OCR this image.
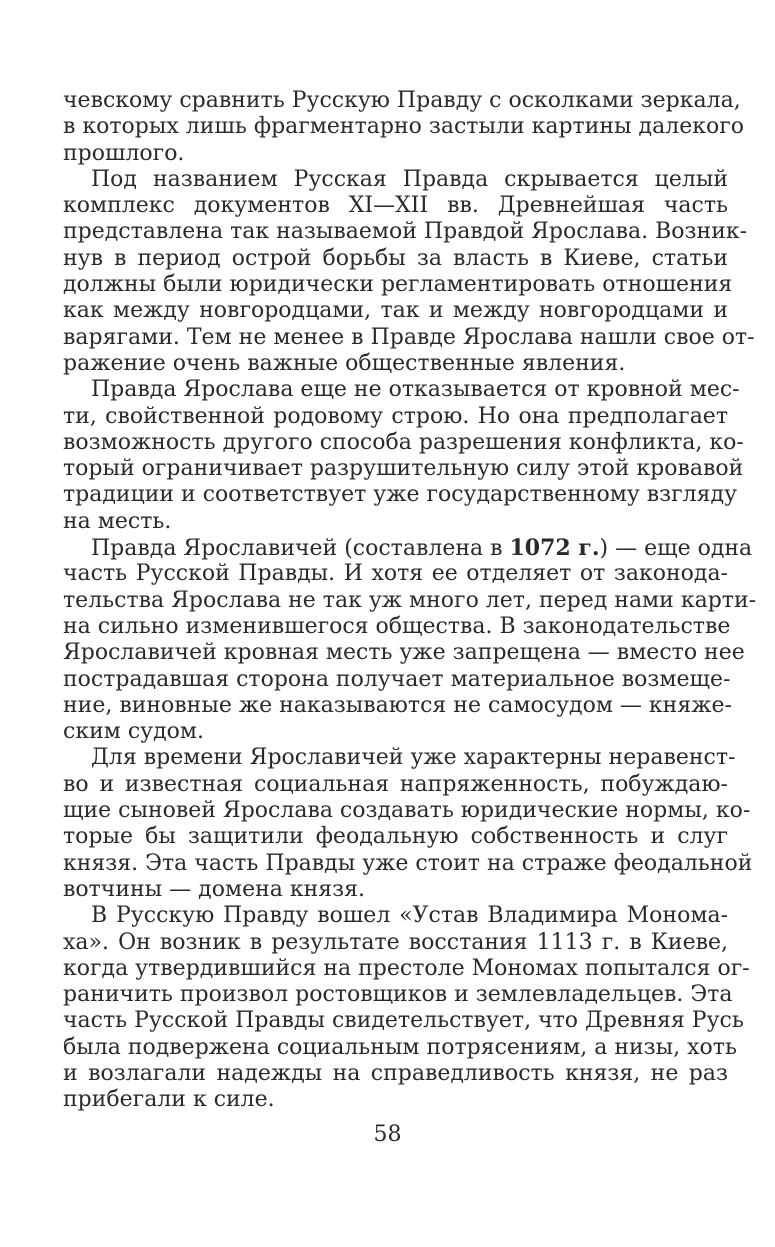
чевскому сравнить Русскую Правду с осколками зеркала,
в которых лишь фрагментарно застыли картины далекого
прошлого.
Под названием Русская Правда скрывается целый
комплекс документов XI—XII вв. Древнейшая часть
представлена так называемой Правдой Ярослава. Возник-
нув в период острой борьбы за власть в Киеве, статьи
должны были юридически регламентировать отношения
как между новгородцами, так и между новгородцами и
варягами. Тем не менее в Правде Ярослава нашли свое от-
ражение очень важные общественные явления.
Правда Ярослава еще не отказывается от кровной мес-
ти, свойственной родовому строю. Но она предполагает
возможность другого способа разрешения конфликта, ко-
торый ограничивает разрушительную силу этой кровавой
традиции и соответствует уже государственному взгляду
на месть.
Правда Ярославичей (составлена в 1072 г.) — еще одна
часть Русской Правды. И хотя ее отделяет от законода-
тельства Ярослава не так уж много лет, перед нами карти-
на сильно изменившегося общества. В законодательстве
Ярославичей кровная месть уже запрещена — вместо нее
пострадавшая сторона получает материальное возмеще-
ние, виновные же наказываются не самосудом — княже-
ским судом.
Для времени Ярославичей уже характерны неравенст-
во и известная социальная напряженность, побуждаю-
щие сыновей Ярослава создавать юридические нормы, ко-
торые бы защитили феодальную собственность и слуг
князя. Эта часть Правды уже стоит на страже феодальной
вотчины — домена князя.
В Русскую Правду вошел «Устав Владимира Монома-
ха». Он возник в результате восстания 1113 г. в Киеве,
когда утвердившийся на престоле Мономах попытался ог-
раничить произвол ростовщиков и землевладельцев. Эта
часть Русской Правды свидетельствует, что Древняя Русь
была подвержена социальным потрясениям, а низы, хоть
и возлагали надежды на справедливость князя, не раз
прибегали к силе.
58
